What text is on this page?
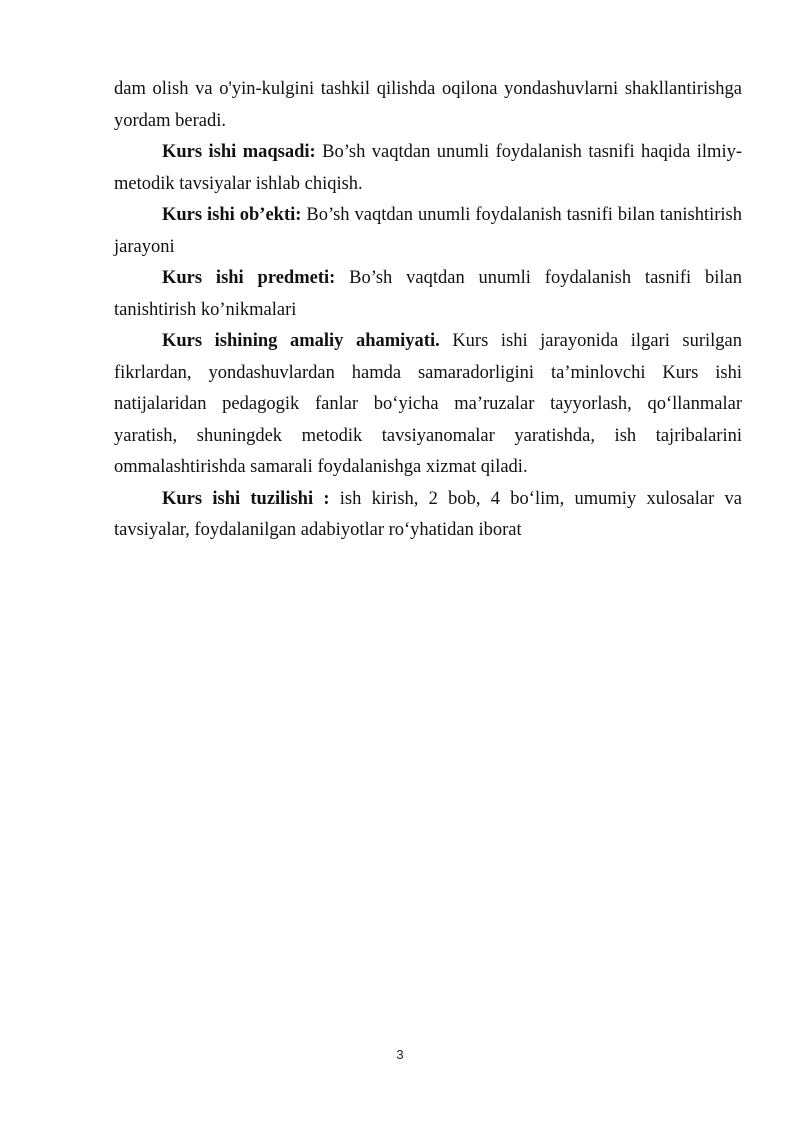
dam olish va o'yin-kulgini tashkil qilishda oqilona yondashuvlarni shakllantirishga yordam beradi.

Kurs ishi maqsadi: Bo’sh vaqtdan unumli foydalanish tasnifi haqida ilmiy-metodik tavsiyalar ishlab chiqish.

Kurs ishi ob’ekti: Bo’sh vaqtdan unumli foydalanish tasnifi bilan tanishtirish jarayoni

Kurs ishi predmeti: Bo’sh vaqtdan unumli foydalanish tasnifi bilan tanishtirish ko’nikmalari

Kurs ishining amaliy ahamiyati. Kurs ishi jarayonida ilgari surilgan fikrlardan, yondashuvlardan hamda samaradorligini ta’minlovchi Kurs ishi natijalaridan pedagogik fanlar bo‘yicha ma’ruzalar tayyorlash, qo‘llanmalar yaratish, shuningdek metodik tavsiyanomalar yaratishda, ish tajribalarini ommalashtirishda samarali foydalanishga xizmat qiladi.

Kurs ishi tuzilishi : ish kirish, 2 bob, 4 bo‘lim, umumiy xulosalar va tavsiyalar, foydalanilgan adabiyotlar ro‘yhatidan iborat

3
